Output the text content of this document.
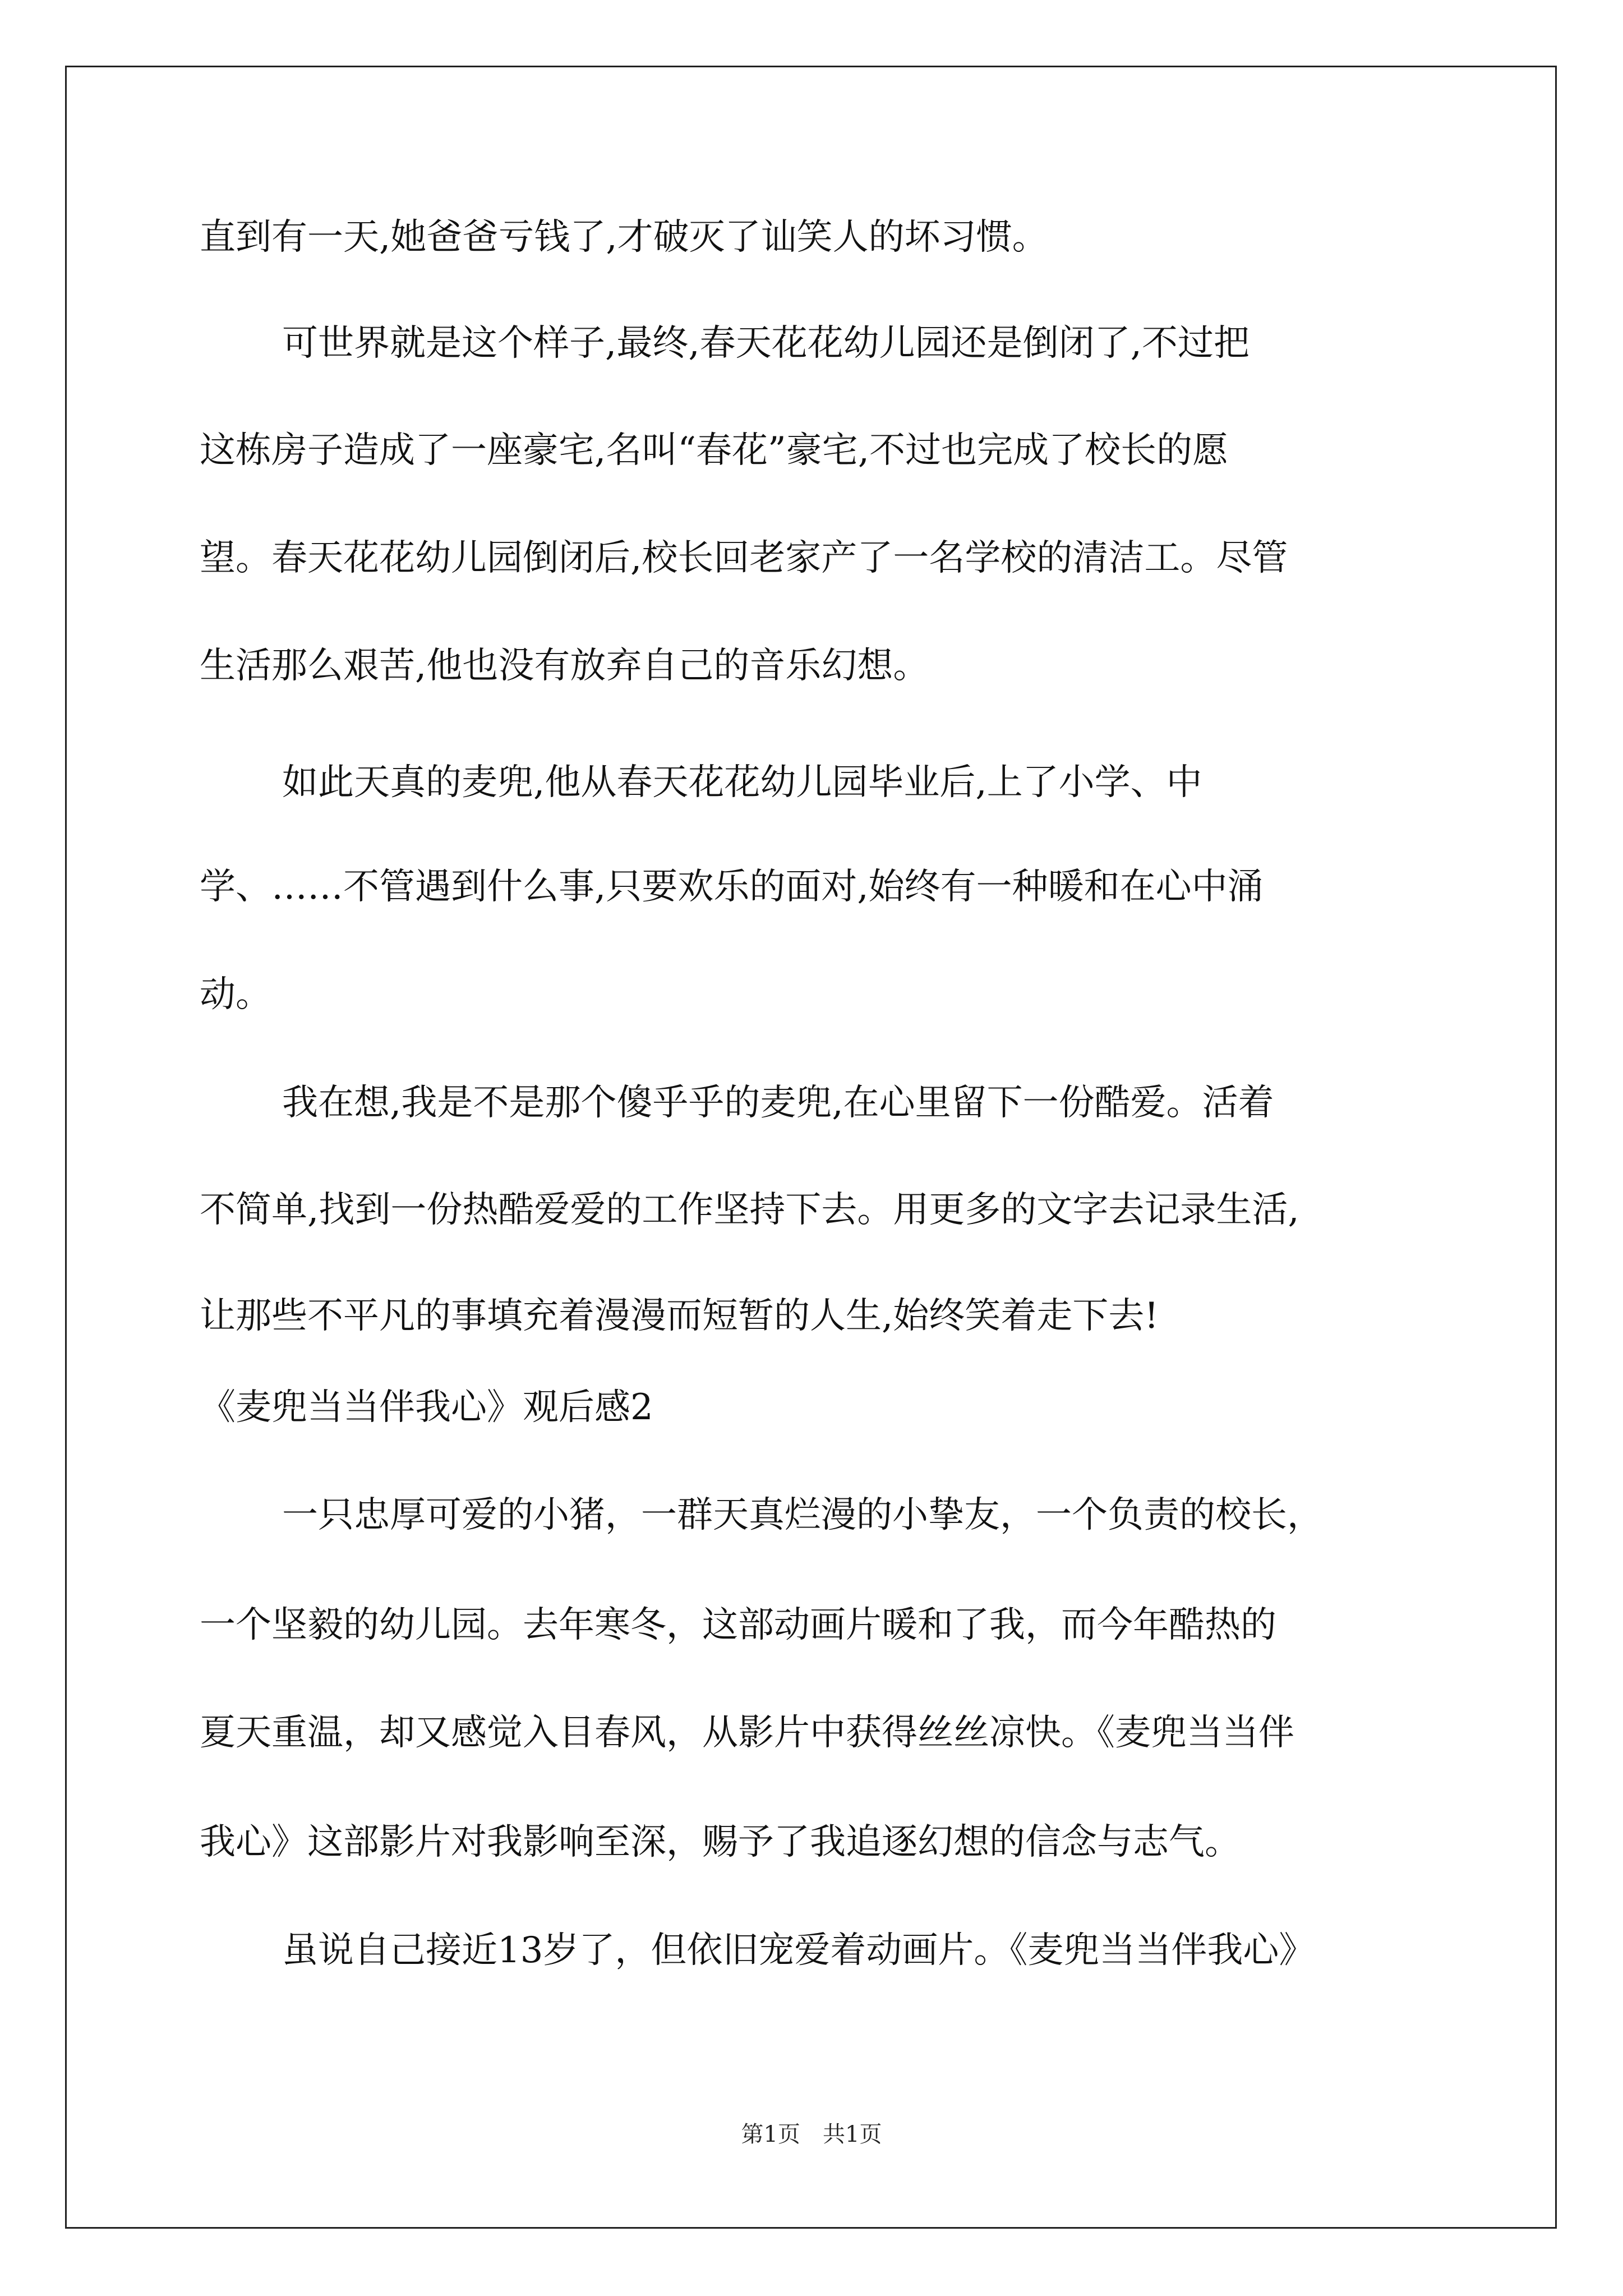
直到有一天,她爸爸亏钱了,才破灭了讪笑人的坏习惯。
可世界就是这个样子,最终,春天花花幼儿园还是倒闭了,不过把
这栋房子造成了一座豪宅,名叫“春花”豪宅,不过也完成了校长的愿
望。春天花花幼儿园倒闭后,校长回老家产了一名学校的清洁工。尽管
生活那么艰苦,他也没有放弃自己的音乐幻想。
如此天真的麦兜,他从春天花花幼儿园毕业后,上了小学、中
学、……不管遇到什么事,只要欢乐的面对,始终有一种暖和在心中涌
动。
我在想,我是不是那个傻乎乎的麦兜,在心里留下一份酷爱。活着
不简单,找到一份热酷爱爱的工作坚持下去。用更多的文字去记录生活,
让那些不平凡的事填充着漫漫而短暂的人生,始终笑着走下去!
《麦兜当当伴我心》观后感2
一只忠厚可爱的小猪，一群天真烂漫的小挚友，一个负责的校长，
一个坚毅的幼儿园。去年寒冬，这部动画片暖和了我，而今年酷热的
夏天重温，却又感觉入目春风，从影片中获得丝丝凉快。《麦兜当当伴
我心》这部影片对我影响至深，赐予了我追逐幻想的信念与志气。
虽说自己接近13岁了，但依旧宠爱着动画片。《麦兜当当伴我心》
第1页　共1页
